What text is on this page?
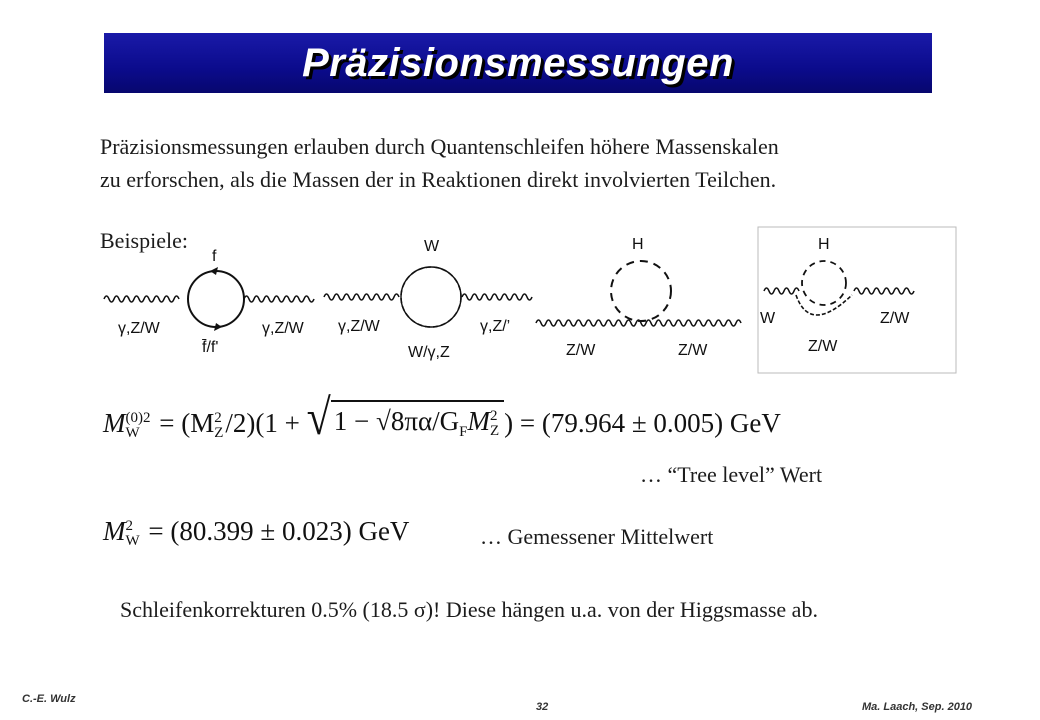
Präzisionsmessungen
Präzisionsmessungen erlauben durch Quantenschleifen höhere Massenskalen
zu erforschen, als die Massen der in Reaktionen direkt involvierten Teilchen.
f
f̄/f'
γ,Z/W	γ,Z/W
W
W/γ,Z
γ,Z/W	γ,Z/’
H
Z/W	Z/W
H
Z/W
W	Z/W
Beispiele:
M (0)2
W = (M 2
Z /2)(1 + √ $1 - √8\pi\alpha/G_FM$ 2
Z ) = (79.964 ± 0.005) GeV
… “Tree level” Wert
M 2
W = (80.399 ± 0.023) GeV	… Gemessener Mittelwert
Schleifenkorrekturen 0.5% (18.5 σ)! Diese hängen u.a. von der Higgsmasse ab.
C.-E. Wulz
32	Ma. Laach, Sep. 2010
